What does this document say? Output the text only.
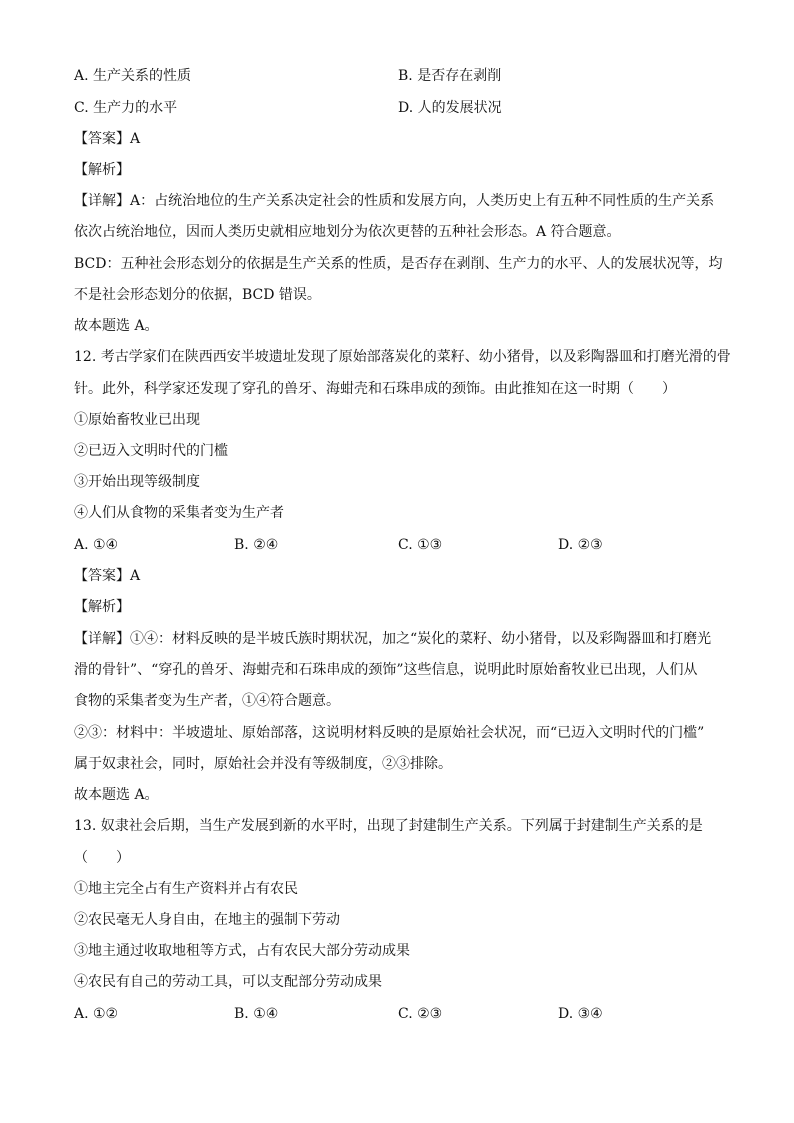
A. 生产关系的性质	B. 是否存在剥削
C. 生产力的水平	D. 人的发展状况
【答案】A
【解析】
【详解】A：占统治地位的生产关系决定社会的性质和发展方向，人类历史上有五种不同性质的生产关系
依次占统治地位，因而人类历史就相应地划分为依次更替的五种社会形态。A 符合题意。
BCD：五种社会形态划分的依据是生产关系的性质，是否存在剥削、生产力的水平、人的发展状况等，均
不是社会形态划分的依据，BCD 错误。
故本题选 A。
12. 考古学家们在陕西西安半坡遗址发现了原始部落炭化的菜籽、幼小猪骨，以及彩陶器皿和打磨光滑的骨
针。此外，科学家还发现了穿孔的兽牙、海蚶壳和石珠串成的颈饰。由此推知在这一时期（　　）
①原始畜牧业已出现
②已迈入文明时代的门槛
③开始出现等级制度
④人们从食物的采集者变为生产者
A. ①④	B. ②④	C. ①③	D. ②③
【答案】A
【解析】
【详解】①④：材料反映的是半坡氏族时期状况，加之“炭化的菜籽、幼小猪骨，以及彩陶器皿和打磨光
滑的骨针”、“穿孔的兽牙、海蚶壳和石珠串成的颈饰”这些信息，说明此时原始畜牧业已出现，人们从
食物的采集者变为生产者，①④符合题意。
②③：材料中：半坡遗址、原始部落，这说明材料反映的是原始社会状况，而“已迈入文明时代的门槛”
属于奴隶社会，同时，原始社会并没有等级制度，②③排除。
故本题选 A。
13. 奴隶社会后期，当生产发展到新的水平时，出现了封建制生产关系。下列属于封建制生产关系的是
（　　）
①地主完全占有生产资料并占有农民
②农民毫无人身自由，在地主的强制下劳动
③地主通过收取地租等方式，占有农民大部分劳动成果
④农民有自己的劳动工具，可以支配部分劳动成果
A. ①②	B. ①④	C. ②③	D. ③④
